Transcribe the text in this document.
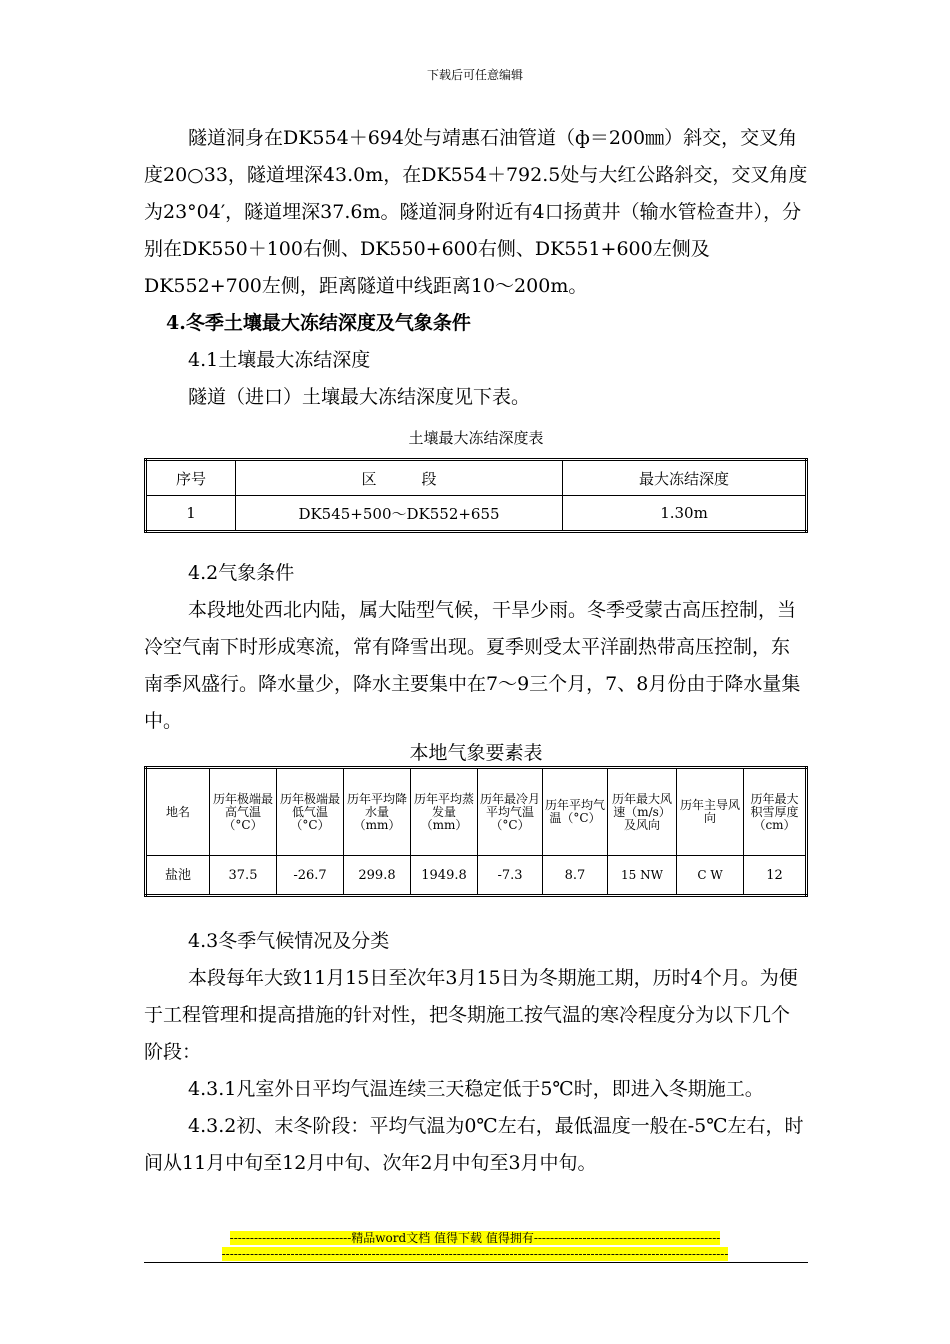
下载后可任意编辑

隧道洞身在DK554＋694处与靖惠石油管道（ф＝200㎜）斜交，交叉角度20○33，隧道埋深43.0m，在DK554＋792.5处与大红公路斜交，交叉角度为23°04′，隧道埋深37.6m。隧道洞身附近有4口扬黄井（输水管检查井），分别在DK550＋100右侧、DK550+600右侧、DK551+600左侧及DK552+700左侧，距离隧道中线距离10～200m。

4.冬季土壤最大冻结深度及气象条件

4.1土壤最大冻结深度

隧道（进口）土壤最大冻结深度见下表。

土壤最大冻结深度表
序号	区　　　段	最大冻结深度
1	DK545+500～DK552+655	1.30m

4.2气象条件

本段地处西北内陆，属大陆型气候，干旱少雨。冬季受蒙古高压控制，当冷空气南下时形成寒流，常有降雪出现。夏季则受太平洋副热带高压控制，东南季风盛行。降水量少，降水主要集中在7～9三个月，7、8月份由于降水量集中。

本地气象要素表
地名	历年极端最高气温（°C）	历年极端最低气温（°C）	历年平均降水量（mm）	历年平均蒸发量（mm）	历年最冷月平均气温（°C）	历年平均气温（°C）	历年最大风速（m/s）及风向	历年主导风向	历年最大积雪厚度（cm）
盐池	37.5	-26.7	299.8	1949.8	-7.3	8.7	15 NW	C W	12

4.3冬季气候情况及分类

本段每年大致11月15日至次年3月15日为冬期施工期，历时4个月。为便于工程管理和提高措施的针对性，把冬期施工按气温的寒冷程度分为以下几个阶段：

4.3.1凡室外日平均气温连续三天稳定低于5℃时，即进入冬期施工。

4.3.2初、末冬阶段：平均气温为0℃左右，最低温度一般在-5℃左右，时间从11月中旬至12月中旬、次年2月中旬至3月中旬。

------------------------------精品word文档 值得下载 值得拥有----------------------------------------------
-----------------------------------------------------------------------------------------------------------------------------
